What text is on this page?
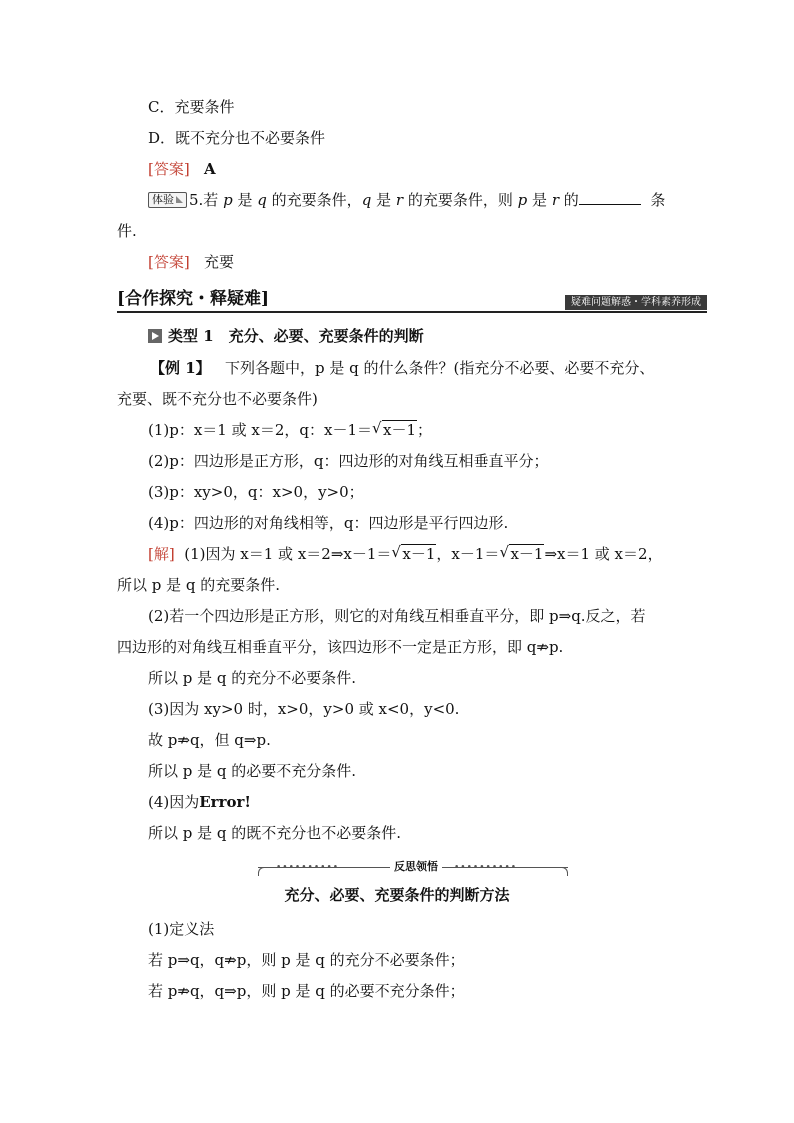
C．充要条件
D．既不充分也不必要条件
[答案] A
体验 5.若 p 是 q 的充要条件，q 是 r 的充要条件，则 p 是 r 的	条
件.
[答案] 充要
[合作探究・释疑难]	疑难问题解惑・学科素养形成
类型 1　充分、必要、充要条件的判断
【例 1】 下列各题中，p 是 q 的什么条件？(指充分不必要、必要不充分、
充要、既不充分也不必要条件)
(1)p：x＝1 或 x＝2，q：x－1＝ √ x－1；
(2)p：四边形是正方形，q：四边形的对角线互相垂直平分；
(3)p：xy>0，q：x>0，y>0；
(4)p：四边形的对角线相等，q：四边形是平行四边形.
[解] (1)因为 x＝1 或 x＝2⇒x－1＝ √ x－1，x－1＝ √ x－1⇒x＝1 或 x＝2，
所以 p 是 q 的充要条件.
(2)若一个四边形是正方形，则它的对角线互相垂直平分，即 p⇒q.反之，若
四边形的对角线互相垂直平分，该四边形不一定是正方形，即 q⇏p.
所以 p 是 q 的充分不必要条件.
(3)因为 xy>0 时，x>0，y>0 或 x<0，y<0.
故 p⇏q，但 q⇒p.
所以 p 是 q 的必要不充分条件.
(4)因为Error!
所以 p 是 q 的既不充分也不必要条件.
••••••••••	反思领悟	••••••••••
充分、必要、充要条件的判断方法
(1)定义法
若 p⇒q，q⇏p，则 p 是 q 的充分不必要条件；
若 p⇏q，q⇒p，则 p 是 q 的必要不充分条件；
